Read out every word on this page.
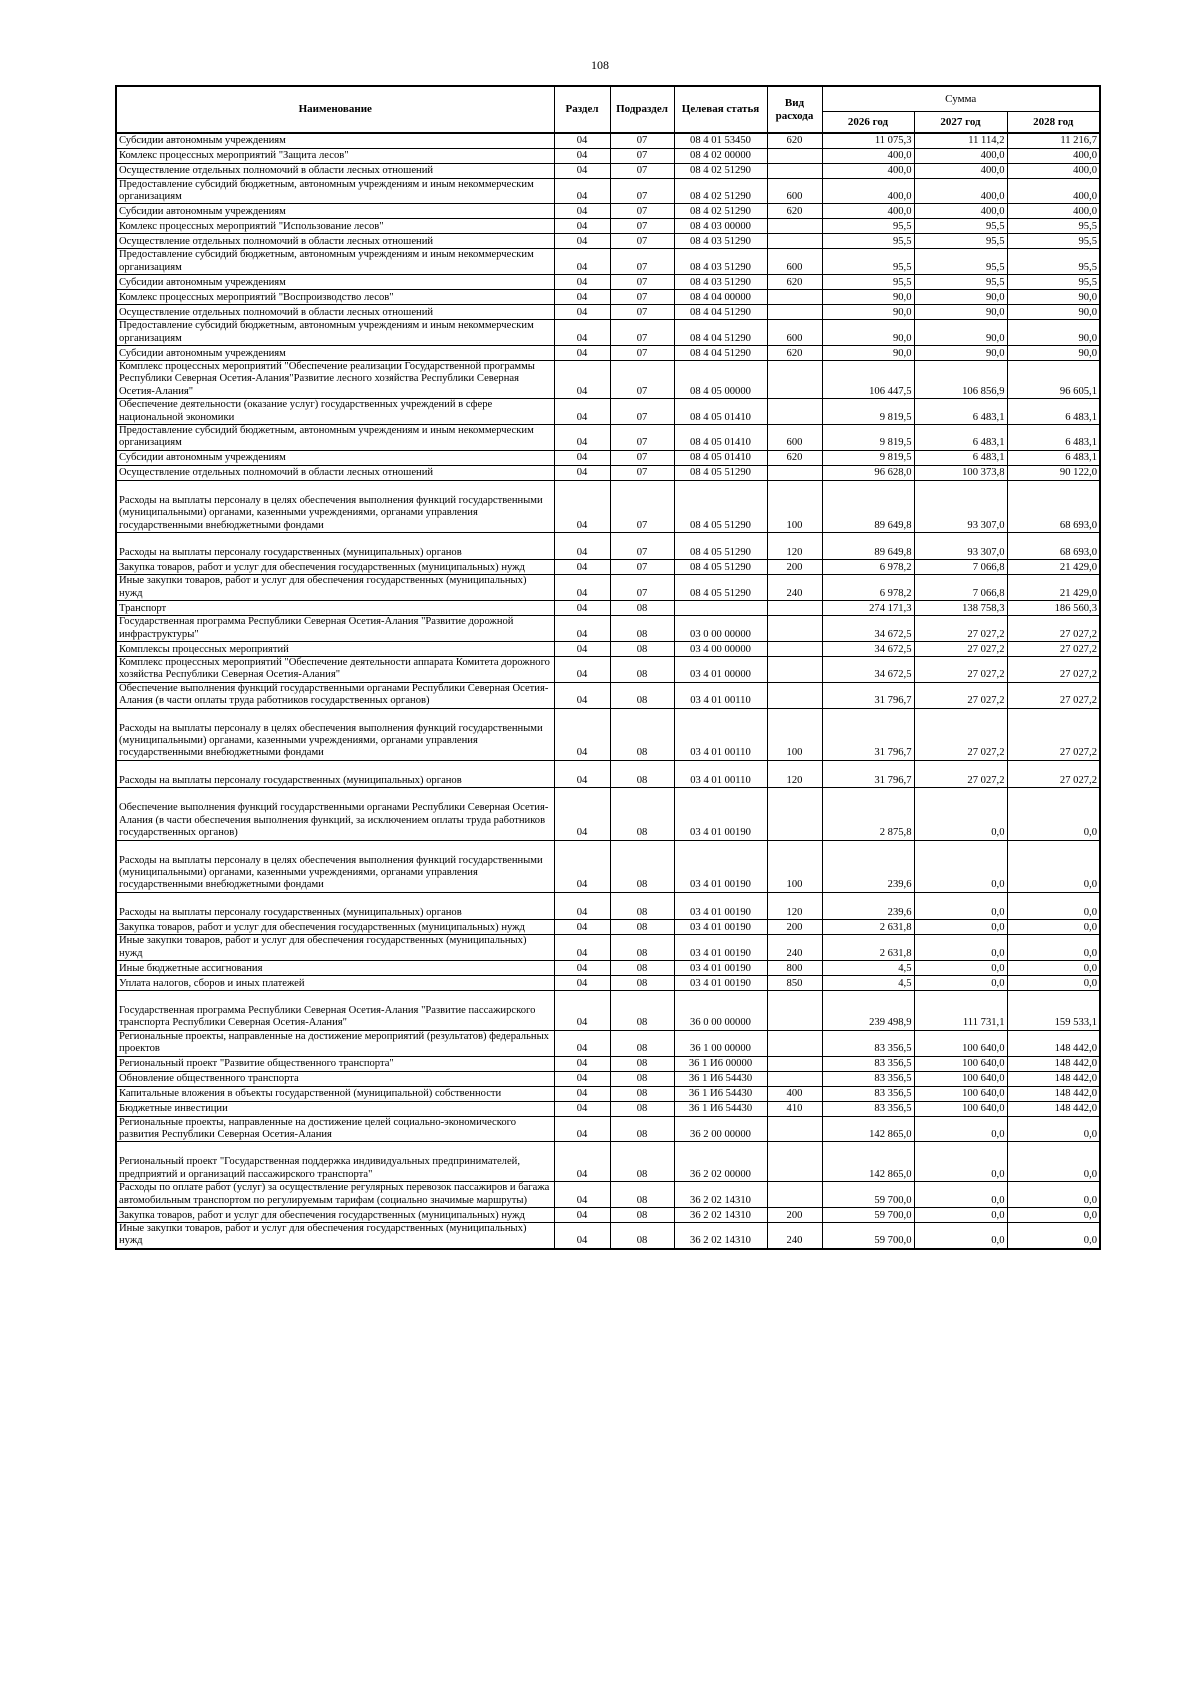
108
Наименование	Раздел	Подраздел	Целевая статья	Вид расхода	Сумма		
					2026 год	2027 год	2028 год
Субсидии автономным учреждениям	04	07	08 4 01 53450	620	11 075,3	11 114,2	11 216,7
Комлекс процессных мероприятий "Защита лесов"	04	07	08 4 02 00000		400,0	400,0	400,0
Осуществление отдельных полномочий в области лесных отношений	04	07	08 4 02 51290		400,0	400,0	400,0
Предоставление субсидий бюджетным, автономным учреждениям и иным некоммерческим организациям	04	07	08 4 02 51290	600	400,0	400,0	400,0
Субсидии автономным учреждениям	04	07	08 4 02 51290	620	400,0	400,0	400,0
Комлекс процессных мероприятий "Использование лесов"	04	07	08 4 03 00000		95,5	95,5	95,5
Осуществление отдельных полномочий в области лесных отношений	04	07	08 4 03 51290		95,5	95,5	95,5
Предоставление субсидий бюджетным, автономным учреждениям и иным некоммерческим организациям	04	07	08 4 03 51290	600	95,5	95,5	95,5
Субсидии автономным учреждениям	04	07	08 4 03 51290	620	95,5	95,5	95,5
Комлекс процессных мероприятий "Воспроизводство лесов"	04	07	08 4 04 00000		90,0	90,0	90,0
Осуществление отдельных полномочий в области лесных отношений	04	07	08 4 04 51290		90,0	90,0	90,0
Предоставление субсидий бюджетным, автономным учреждениям и иным некоммерческим организациям	04	07	08 4 04 51290	600	90,0	90,0	90,0
Субсидии автономным учреждениям	04	07	08 4 04 51290	620	90,0	90,0	90,0
Комплекс процессных мероприятий "Обеспечение реализации Государственной программы Республики Северная Осетия-Алания"Развитие лесного хозяйства Республики Северная Осетия-Алания"	04	07	08 4 05 00000		106 447,5	106 856,9	96 605,1
Обеспечение деятельности (оказание услуг) государственных учреждений в сфере национальной экономики	04	07	08 4 05 01410		9 819,5	6 483,1	6 483,1
Предоставление субсидий бюджетным, автономным учреждениям и иным некоммерческим организациям	04	07	08 4 05 01410	600	9 819,5	6 483,1	6 483,1
Субсидии автономным учреждениям	04	07	08 4 05 01410	620	9 819,5	6 483,1	6 483,1
Осуществление отдельных полномочий в области лесных отношений	04	07	08 4 05 51290		96 628,0	100 373,8	90 122,0
Расходы на выплаты персоналу в целях обеспечения выполнения функций государственными (муниципальными) органами, казенными учреждениями, органами управления государственными внебюджетными фондами	04	07	08 4 05 51290	100	89 649,8	93 307,0	68 693,0
Расходы на выплаты персоналу государственных (муниципальных) органов	04	07	08 4 05 51290	120	89 649,8	93 307,0	68 693,0
Закупка товаров, работ и услуг для обеспечения государственных (муниципальных) нужд	04	07	08 4 05 51290	200	6 978,2	7 066,8	21 429,0
Иные закупки товаров, работ и услуг для обеспечения государственных (муниципальных) нужд	04	07	08 4 05 51290	240	6 978,2	7 066,8	21 429,0
Транспорт	04	08			274 171,3	138 758,3	186 560,3
Государственная программа Республики Северная Осетия-Алания "Развитие дорожной инфраструктуры"	04	08	03 0 00 00000		34 672,5	27 027,2	27 027,2
Комплексы процессных мероприятий	04	08	03 4 00 00000		34 672,5	27 027,2	27 027,2
Комплекс процессных мероприятий "Обеспечение деятельности аппарата Комитета дорожного хозяйства Республики Северная Осетия-Алания"	04	08	03 4 01 00000		34 672,5	27 027,2	27 027,2
Обеспечение выполнения функций государственными органами Республики Северная Осетия-Алания (в части оплаты труда работников государственных органов)	04	08	03 4 01 00110		31 796,7	27 027,2	27 027,2
Расходы на выплаты персоналу в целях обеспечения выполнения функций государственными (муниципальными) органами, казенными учреждениями, органами управления государственными внебюджетными фондами	04	08	03 4 01 00110	100	31 796,7	27 027,2	27 027,2
Расходы на выплаты персоналу государственных (муниципальных) органов	04	08	03 4 01 00110	120	31 796,7	27 027,2	27 027,2
Обеспечение выполнения функций государственными органами Республики Северная Осетия-Алания (в части обеспечения выполнения функций, за исключением оплаты труда работников государственных органов)	04	08	03 4 01 00190		2 875,8	0,0	0,0
Расходы на выплаты персоналу в целях обеспечения выполнения функций государственными (муниципальными) органами, казенными учреждениями, органами управления государственными внебюджетными фондами	04	08	03 4 01 00190	100	239,6	0,0	0,0
Расходы на выплаты персоналу государственных (муниципальных) органов	04	08	03 4 01 00190	120	239,6	0,0	0,0
Закупка товаров, работ и услуг для обеспечения государственных (муниципальных) нужд	04	08	03 4 01 00190	200	2 631,8	0,0	0,0
Иные закупки товаров, работ и услуг для обеспечения государственных (муниципальных) нужд	04	08	03 4 01 00190	240	2 631,8	0,0	0,0
Иные бюджетные ассигнования	04	08	03 4 01 00190	800	4,5	0,0	0,0
Уплата налогов, сборов и иных платежей	04	08	03 4 01 00190	850	4,5	0,0	0,0
Государственная программа Республики Северная Осетия-Алания "Развитие пассажирского транспорта Республики Северная Осетия-Алания"	04	08	36 0 00 00000		239 498,9	111 731,1	159 533,1
Региональные проекты, направленные на достижение мероприятий (результатов) федеральных проектов	04	08	36 1 00 00000		83 356,5	100 640,0	148 442,0
Региональный проект "Развитие общественного транспорта"	04	08	36 1 И6 00000		83 356,5	100 640,0	148 442,0
Обновление общественного транспорта	04	08	36 1 И6 54430		83 356,5	100 640,0	148 442,0
Капитальные вложения в объекты государственной (муниципальной) собственности	04	08	36 1 И6 54430	400	83 356,5	100 640,0	148 442,0
Бюджетные инвестиции	04	08	36 1 И6 54430	410	83 356,5	100 640,0	148 442,0
Региональные проекты, направленные на достижение целей социально-экономического развития Республики Северная Осетия-Алания	04	08	36 2 00 00000		142 865,0	0,0	0,0
Региональный проект "Государственная поддержка индивидуальных предпринимателей, предприятий и организаций пассажирского транспорта"	04	08	36 2 02 00000		142 865,0	0,0	0,0
Расходы по оплате работ (услуг) за осуществление регулярных перевозок пассажиров и багажа автомобильным транспортом по регулируемым тарифам (социально значимые маршруты)	04	08	36 2 02 14310		59 700,0	0,0	0,0
Закупка товаров, работ и услуг для обеспечения государственных (муниципальных) нужд	04	08	36 2 02 14310	200	59 700,0	0,0	0,0
Иные закупки товаров, работ и услуг для обеспечения государственных (муниципальных) нужд	04	08	36 2 02 14310	240	59 700,0	0,0	0,0
